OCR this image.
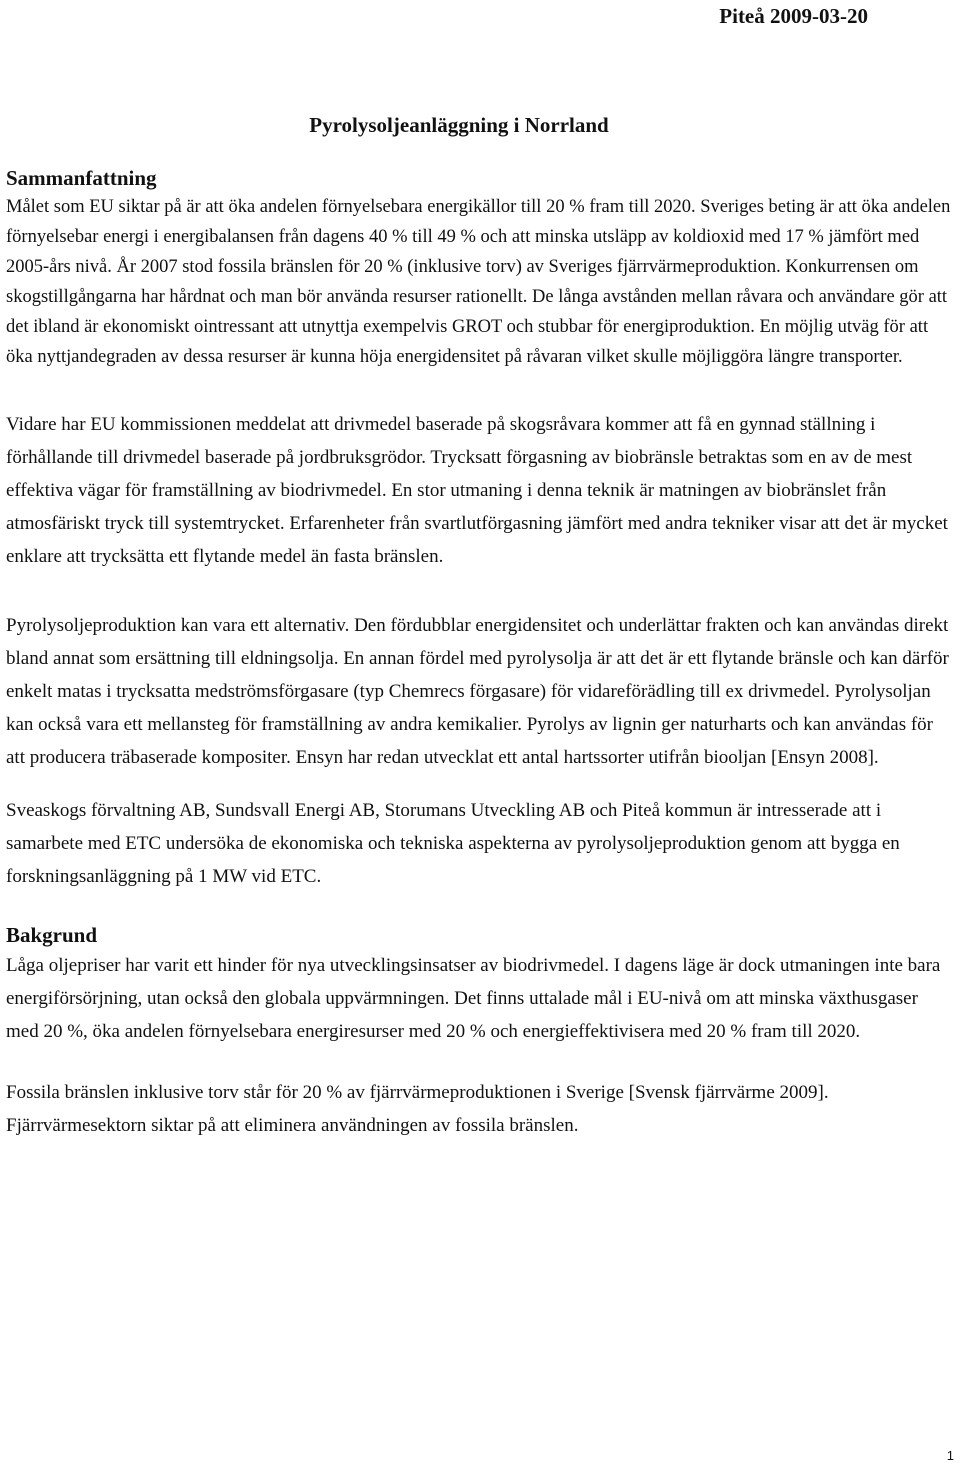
Piteå 2009-03-20
Pyrolysoljeanläggning i Norrland
Sammanfattning

Målet som EU siktar på är att öka andelen förnyelsebara energikällor till 20 % fram till 2020. Sveriges beting är att öka andelen förnyelsebar energi i energibalansen från dagens 40 % till 49 % och att minska utsläpp av koldioxid med 17 % jämfört med 2005-års nivå. År 2007 stod fossila bränslen för 20 % (inklusive torv) av Sveriges fjärrvärmeproduktion. Konkurrensen om skogstillgångarna har hårdnat och man bör använda resurser rationellt. De långa avstånden mellan råvara och användare gör att det ibland är ekonomiskt ointressant att utnyttja exempelvis GROT och stubbar för energiproduktion. En möjlig utväg för att öka nyttjandegraden av dessa resurser är kunna höja energidensitet på råvaran vilket skulle möjliggöra längre transporter.

Vidare har EU kommissionen meddelat att drivmedel baserade på skogsråvara kommer att få en gynnad ställning i förhållande till drivmedel baserade på jordbruksgrödor. Trycksatt förgasning av biobränsle betraktas som en av de mest effektiva vägar för framställning av biodrivmedel. En stor utmaning i denna teknik är matningen av biobränslet från atmosfäriskt tryck till systemtrycket. Erfarenheter från svartlutförgasning jämfört med andra tekniker visar att det är mycket enklare att trycksätta ett flytande medel än fasta bränslen.

Pyrolysoljeproduktion kan vara ett alternativ. Den fördubblar energidensitet och underlättar frakten och kan användas direkt bland annat som ersättning till eldningsolja. En annan fördel med pyrolysolja är att det är ett flytande bränsle och kan därför enkelt matas i trycksatta medströmsförgasare (typ Chemrecs förgasare) för vidareförädling till ex drivmedel. Pyrolysoljan kan också vara ett mellansteg för framställning av andra kemikalier. Pyrolys av lignin ger naturharts och kan användas för att producera träbaserade kompositer. Ensyn har redan utvecklat ett antal hartssorter utifrån biooljan [Ensyn 2008].

Sveaskogs förvaltning AB, Sundsvall Energi AB, Storumans Utveckling AB och Piteå kommun är intresserade att i samarbete med ETC undersöka de ekonomiska och tekniska aspekterna av pyrolysoljeproduktion genom att bygga en forskningsanläggning på 1 MW vid ETC.

Bakgrund

Låga oljepriser har varit ett hinder för nya utvecklingsinsatser av biodrivmedel. I dagens läge är dock utmaningen inte bara energiförsörjning, utan också den globala uppvärmningen. Det finns uttalade mål i EU-nivå om att minska växthusgaser med 20 %, öka andelen förnyelsebara energiresurser med 20 % och energieffektivisera med 20 % fram till 2020.

Fossila bränslen inklusive torv står för 20 % av fjärrvärmeproduktionen i Sverige [Svensk fjärrvärme 2009]. Fjärrvärmesektorn siktar på att eliminera användningen av fossila bränslen.

1
